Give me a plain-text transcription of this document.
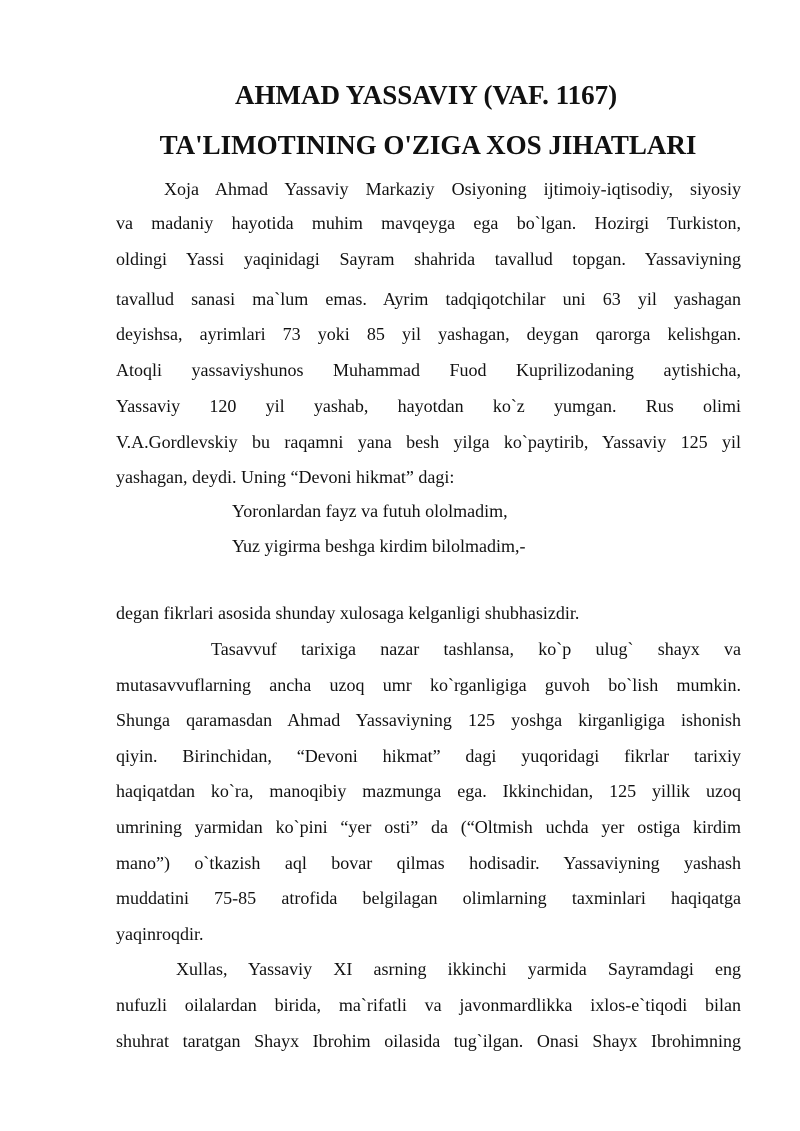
AHMAD YASSAVIY (VAF. 1167)
TA'LIMOTINING O'ZIGA XOS JIHATLARI
Xoja Ahmad Yassaviy Markaziy Osiyoning ijtimoiy-iqtisodiy, siyosiy
va madaniy hayotida muhim mavqeyga ega bo`lgan. Hozirgi Turkiston,
oldingi Yassi yaqinidagi Sayram shahrida tavallud topgan. Yassaviyning
tavallud sanasi ma`lum emas. Ayrim tadqiqotchilar uni 63 yil yashagan
deyishsa, ayrimlari 73 yoki 85 yil yashagan, deygan qarorga kelishgan.
Atoqli yassaviyshunos Muhammad Fuod Kuprilizodaning aytishicha,
Yassaviy 120 yil yashab, hayotdan ko`z yumgan. Rus olimi
V.A.Gordlevskiy bu raqamni yana besh yilga ko`paytirib, Yassaviy 125 yil
yashagan, deydi. Uning “Devoni hikmat” dagi:
Yoronlardan fayz va futuh ololmadim,
Yuz yigirma beshga kirdim bilolmadim,-
degan fikrlari asosida shunday xulosaga kelganligi shubhasizdir.
Tasavvuf tarixiga nazar tashlansa, ko`p ulug` shayx va
mutasavvuflarning ancha uzoq umr ko`rganligiga guvoh bo`lish mumkin.
Shunga qaramasdan Ahmad Yassaviyning 125 yoshga kirganligiga ishonish
qiyin. Birinchidan, “Devoni hikmat” dagi yuqoridagi fikrlar tarixiy
haqiqatdan ko`ra, manoqibiy mazmunga ega. Ikkinchidan, 125 yillik uzoq
umrining yarmidan ko`pini “yer osti” da (“Oltmish uchda yer ostiga kirdim
mano”) o`tkazish aql bovar qilmas hodisadir. Yassaviyning yashash
muddatini 75-85 atrofida belgilagan olimlarning taxminlari haqiqatga
yaqinroqdir.
Xullas, Yassaviy XI asrning ikkinchi yarmida Sayramdagi eng
nufuzli oilalardan birida, ma`rifatli va javonmardlikka ixlos-e`tiqodi bilan
shuhrat taratgan Shayx Ibrohim oilasida tug`ilgan. Onasi Shayx Ibrohimning
